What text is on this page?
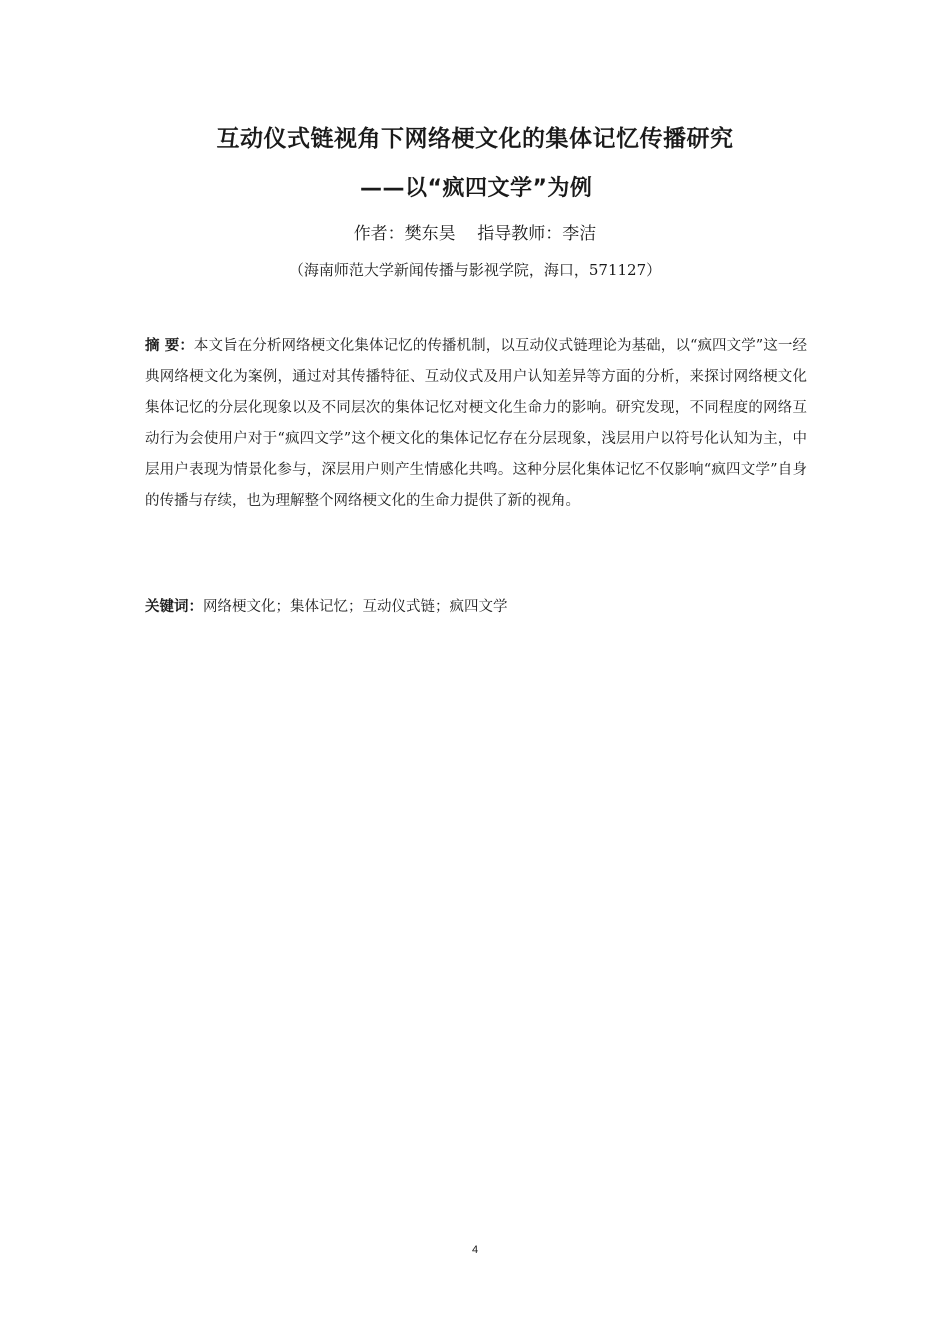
互动仪式链视角下网络梗文化的集体记忆传播研究
——以“疯四文学”为例
作者：樊东昊    指导教师：李洁
（海南师范大学新闻传播与影视学院，海口，571127）
摘 要：本文旨在分析网络梗文化集体记忆的传播机制，以互动仪式链理论为基础，以“疯四文学”这一经典网络梗文化为案例，通过对其传播特征、互动仪式及用户认知差异等方面的分析，来探讨网络梗文化集体记忆的分层化现象以及不同层次的集体记忆对梗文化生命力的影响。研究发现，不同程度的网络互动行为会使用户对于“疯四文学”这个梗文化的集体记忆存在分层现象，浅层用户以符号化认知为主，中层用户表现为情景化参与，深层用户则产生情感化共鸣。这种分层化集体记忆不仅影响“疯四文学”自身的传播与存续，也为理解整个网络梗文化的生命力提供了新的视角。
关键词：网络梗文化；集体记忆；互动仪式链；疯四文学
4
